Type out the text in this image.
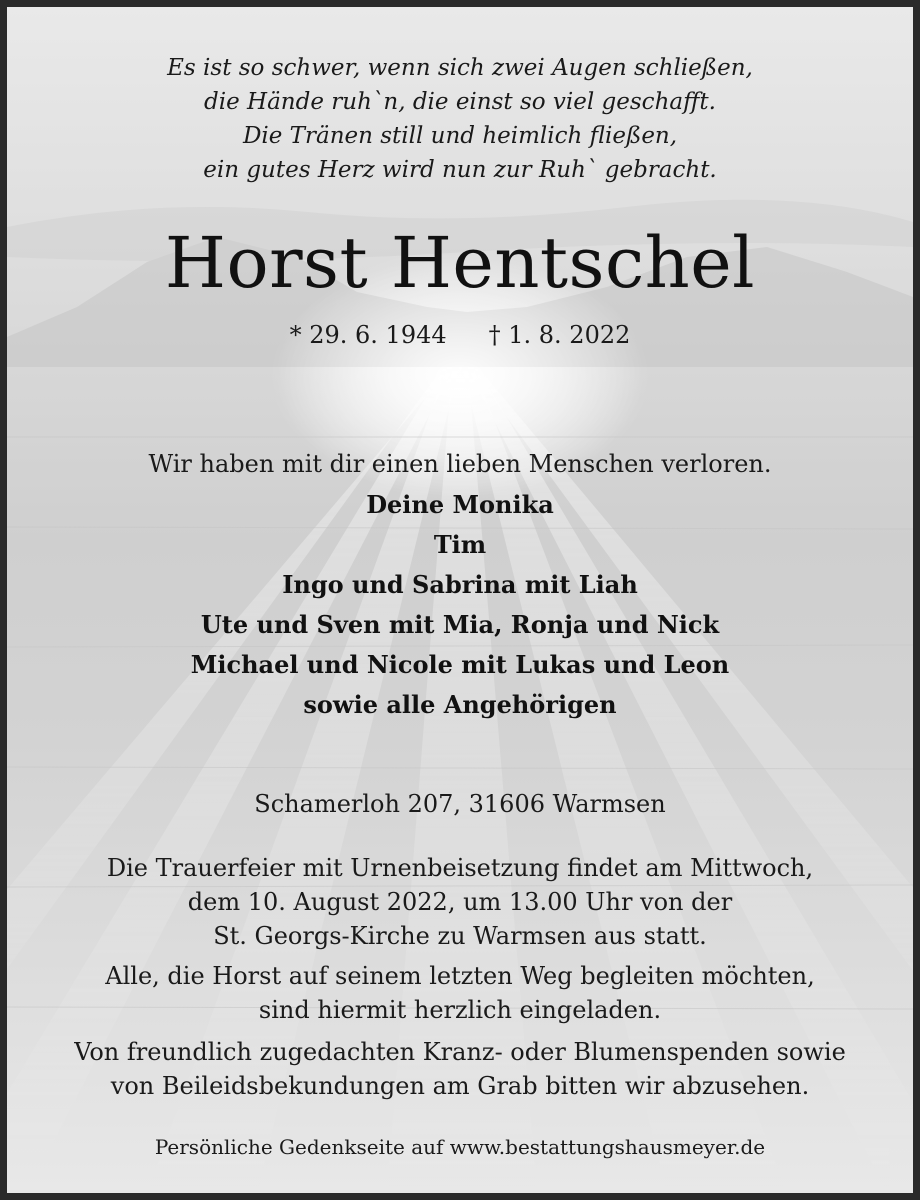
Es ist so schwer, wenn sich zwei Augen schließen,
die Hände ruh`n, die einst so viel geschafft.
Die Tränen still und heimlich fließen,
ein gutes Herz wird nun zur Ruh` gebracht.
Horst Hentschel
* 29. 6. 1944 † 1. 8. 2022
Wir haben mit dir einen lieben Menschen verloren.
Deine Monika
Tim
Ingo und Sabrina mit Liah
Ute und Sven mit Mia, Ronja und Nick
Michael und Nicole mit Lukas und Leon
sowie alle Angehörigen
Schamerloh 207, 31606 Warmsen
Die Trauerfeier mit Urnenbeisetzung findet am Mittwoch,
dem 10. August 2022, um 13.00 Uhr von der
St. Georgs-Kirche zu Warmsen aus statt.
Alle, die Horst auf seinem letzten Weg begleiten möchten,
sind hiermit herzlich eingeladen.
Von freundlich zugedachten Kranz- oder Blumenspenden sowie
von Beileidsbekundungen am Grab bitten wir abzusehen.
Persönliche Gedenkseite auf www.bestattungshausmeyer.de
